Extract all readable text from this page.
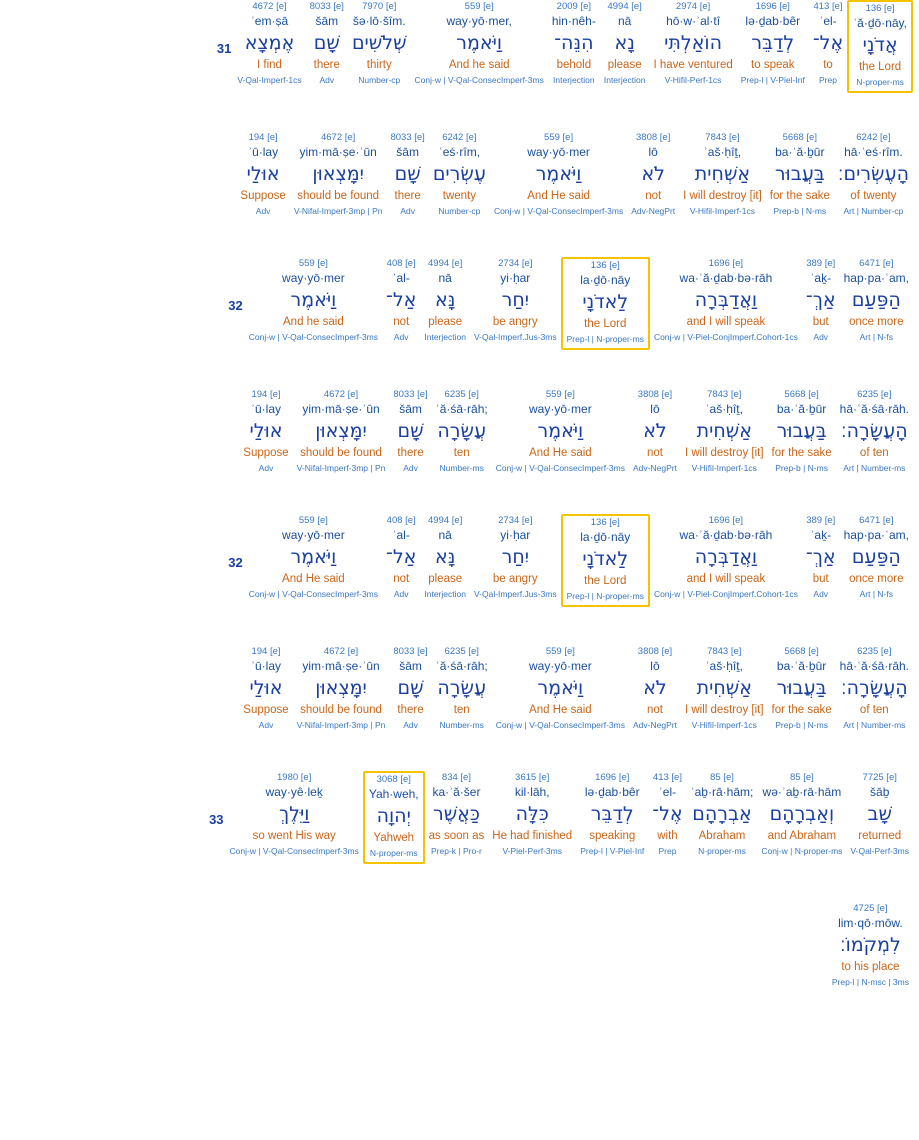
136 [e]
ʾă·ḏō·nāy,
אֲדֹנָי
the Lord
N-proper-ms
413 [e]
ʾel-
אֶל־
to
Prep
1696 [e]
lə·ḏab·bêr
לְדַבֵּר
to speak
Prep-l | V-Piel-Inf
2974 [e]
hō·w·ʾal·tî
הוֹאַלְתִּי
I have ventured
V-Hifil-Perf-1cs
4994 [e]
nā
נָא
please
Interjection
2009 [e]
hin·nêh-
הִנֵּה־
behold
Interjection
559 [e]
way·yō·mer,
וַיֹּאמֶר
And he said
Conj-w | V-Qal-ConsecImperf-3ms
7970 [e]
šə·lō·šîm.
שְׁלֹשִׁים
thirty
Number-cp
8033 [e]
šām
שָׁם
there
Adv
4672 [e]
ʾem·ṣā
אֶמְצָא
I find
V-Qal-Imperf-1cs
31
6242 [e]
hā·ʿeś·rîm.
הָעֶשְׂרִים׃
of twenty
Art | Number-cp
5668 [e]
ba·ʿă·ḇūr
בַּעֲבוּר
for the sake
Prep-b | N-ms
7843 [e]
ʾaš·ḥîṯ,
אַשְׁחִית
I will destroy [it]
V-Hifil-Imperf-1cs
3808 [e]
lō
לֹא
not
Adv-NegPrt
559 [e]
way·yō·mer
וַיֹּאמֶר
And He said
Conj-w | V-Qal-ConsecImperf-3ms
6242 [e]
ʿeś·rîm,
עֶשְׂרִים
twenty
Number-cp
8033 [e]
šām
שָׁם
there
Adv
4672 [e]
yim·mā·ṣe·ʾūn
יִמָּצְאוּן
should be found
V-Nifal-Imperf-3mp | Pn
194 [e]
ʾū·lay
אוּלַי
Suppose
Adv
6471 [e]
hap·pa·ʿam,
הַפַּעַם
once more
Art | N-fs
389 [e]
ʾaḵ-
אַךְ־
but
Adv
1696 [e]
wa·ʾă·ḏab·bə·rāh
וַאֲדַבְּרָה
and I will speak
Conj-w | V-Piel-ConjImperf.Cohort-1cs
136 [e]
la·ḏō·nāy
לַאדֹנָי
the Lord
Prep-l | N-proper-ms
2734 [e]
yi·ḥar
יִחַר
be angry
V-Qal-Imperf.Jus-3ms
4994 [e]
nā
נָּא
please
Interjection
408 [e]
ʾal-
אַל־
not
Adv
559 [e]
way·yō·mer
וַיֹּאמֶר
And he said
Conj-w | V-Qal-ConsecImperf-3ms
32
6235 [e]
hā·ʿă·śā·rāh.
הָעֲשָׂרָה׃
of ten
Art | Number-ms
5668 [e]
ba·ʿă·ḇūr
בַּעֲבוּר
for the sake
Prep-b | N-ms
7843 [e]
ʾaš·ḥîṯ,
אַשְׁחִית
I will destroy [it]
V-Hifil-Imperf-1cs
3808 [e]
lō
לֹא
not
Adv-NegPrt
559 [e]
way·yō·mer
וַיֹּאמֶר
And He said
Conj-w | V-Qal-ConsecImperf-3ms
6235 [e]
ʿă·śā·rāh;
עֲשָׂרָה
ten
Number-ms
8033 [e]
šām
שָׁם
there
Adv
4672 [e]
yim·mā·ṣe·ʾūn
יִמָּצְאוּן
should be found
V-Nifal-Imperf-3mp | Pn
194 [e]
ʾū·lay
אוּלַי
Suppose
Adv
6471 [e]
hap·pa·ʿam,
הַפַּעַם
once more
Art | N-fs
389 [e]
ʾaḵ-
אַךְ־
but
Adv
1696 [e]
wa·ʾă·ḏab·bə·rāh
וַאֲדַבְּרָה
and I will speak
Conj-w | V-Piel-ConjImperf.Cohort-1cs
136 [e]
la·ḏō·nāy
לַאדֹנָי
the Lord
Prep-l | N-proper-ms
2734 [e]
yi·ḥar
יִחַר
be angry
V-Qal-Imperf.Jus-3ms
4994 [e]
nā
נָּא
please
Interjection
408 [e]
ʾal-
אַל־
not
Adv
559 [e]
way·yō·mer
וַיֹּאמֶר
And He said
Conj-w | V-Qal-ConsecImperf-3ms
32
6235 [e]
hā·ʿă·śā·rāh.
הָעֲשָׂרָה׃
of ten
Art | Number-ms
5668 [e]
ba·ʿă·ḇūr
בַּעֲבוּר
for the sake
Prep-b | N-ms
7843 [e]
ʾaš·ḥîṯ,
אַשְׁחִית
I will destroy [it]
V-Hifil-Imperf-1cs
3808 [e]
lō
לֹא
not
Adv-NegPrt
559 [e]
way·yō·mer
וַיֹּאמֶר
And He said
Conj-w | V-Qal-ConsecImperf-3ms
6235 [e]
ʿă·śā·rāh;
עֲשָׂרָה
ten
Number-ms
8033 [e]
šām
שָׁם
there
Adv
4672 [e]
yim·mā·ṣe·ʾūn
יִמָּצְאוּן
should be found
V-Nifal-Imperf-3mp | Pn
194 [e]
ʾū·lay
אוּלַי
Suppose
Adv
7725 [e]
šāḇ
שָׁב
returned
V-Qal-Perf-3ms
85 [e]
wə·ʾaḇ·rā·hām
וְאַבְרָהָם
and Abraham
Conj-w | N-proper-ms
85 [e]
ʾaḇ·rā·hām;
אַבְרָהָם
Abraham
N-proper-ms
413 [e]
ʾel-
אֶל־
with
Prep
1696 [e]
lə·ḏab·bêr
לְדַבֵּר
speaking
Prep-l | V-Piel-Inf
3615 [e]
kil·lāh,
כִּלָּה
He had finished
V-Piel-Perf-3ms
834 [e]
ka·ʾă·šer
כַּאֲשֶׁר
as soon as
Prep-k | Pro-r
3068 [e]
Yah·weh,
יְהוָה
Yahweh
N-proper-ms
1980 [e]
way·yê·leḵ
וַיֵּלֶךְ
so went His way
Conj-w | V-Qal-ConsecImperf-3ms
33
4725 [e]
lim·qō·mōw.
לִמְקֹמוֹ׃
to his place
Prep-l | N-msc | 3ms
